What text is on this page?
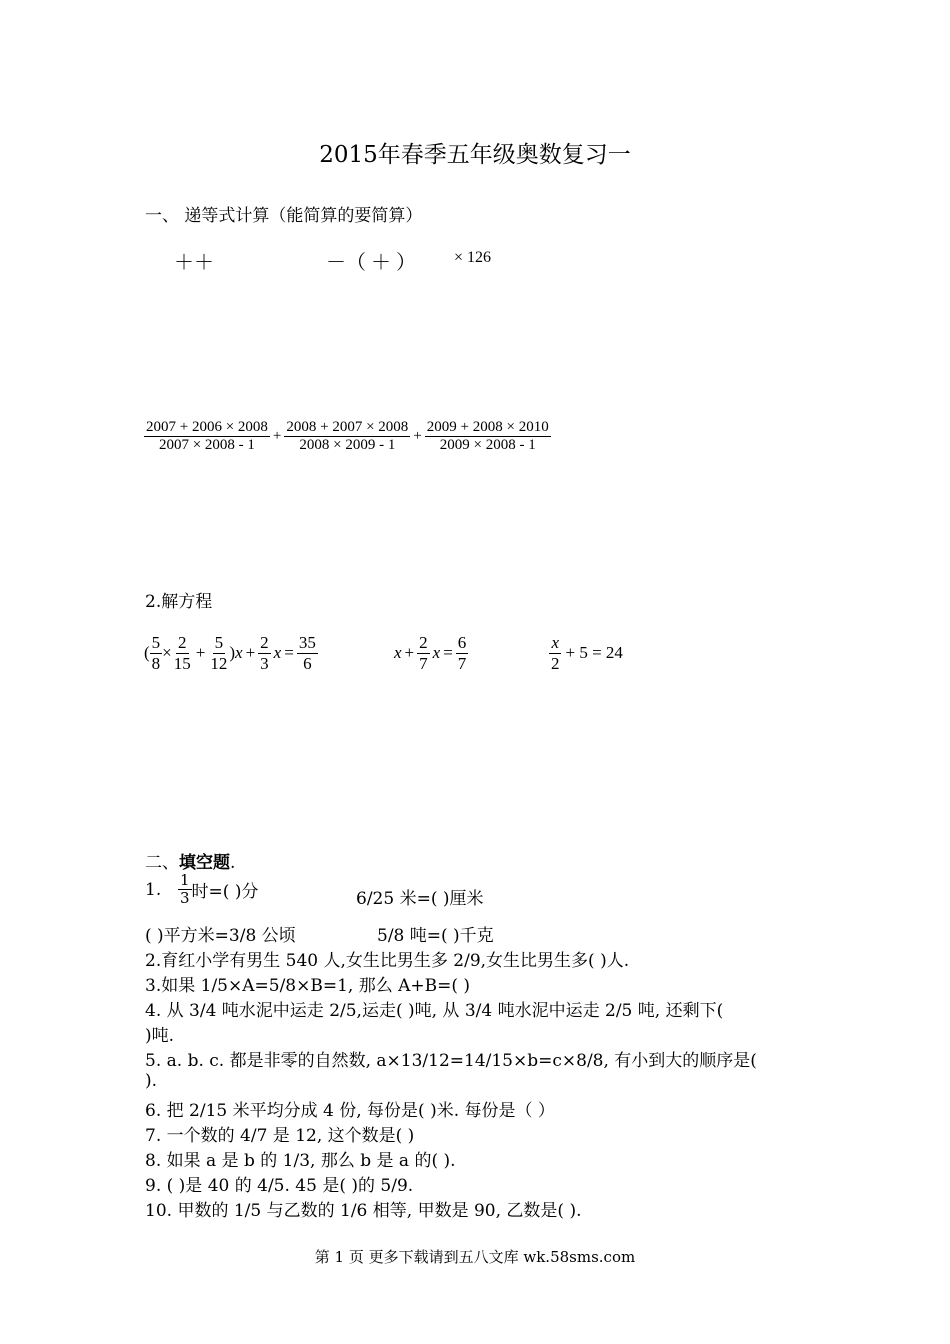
2015年春季五年级奥数复习一
一、 递等式计算（能简算的要简算）
＋＋	－（ ＋ ） × 126
$\frac{2007 + 2006 \times 2008}{2007 \times 2008 - 1} + \frac{2008 + 2007 \times 2008}{2008 \times 2009 - 1} + \frac{2009 + 2008 \times 2010}{2009 \times 2008 - 1}$
2.解方程
( $\frac{5}{8} \times \frac{2}{15} + \frac{5}{12}$ ) $x + \frac{2}{3}$ $x = \frac{35}{6}$	$x + \frac{2}{7}$ $x = \frac{6}{7}$	$\frac{x}{2} + 5 = 24$
二、填空题.
1.	$\frac{1}{3}$ 时=( )分	6/25 米=( )厘米
( )平方米=3/8 公顷	5/8 吨=( )千克
2.育红小学有男生 540 人,女生比男生多 2/9,女生比男生多( )人.
3.如果 1/5×A=5/8×B=1, 那么 A+B=( )
4. 从 3/4 吨水泥中运走 2/5,运走( )吨, 从 3/4 吨水泥中运走 2/5 吨, 还剩下(
)吨.
5. a. b. c. 都是非零的自然数, a×13/12=14/15×b=c×8/8, 有小到大的顺序是(
).
6. 把 2/15 米平均分成 4 份, 每份是( )米. 每份是（ ）
7. 一个数的 4/7 是 12, 这个数是( )
8. 如果 a 是 b 的 1/3, 那么 b 是 a 的( ).
9. ( )是 40 的 4/5. 45 是( )的 5/9.
10. 甲数的 1/5 与乙数的 1/6 相等, 甲数是 90, 乙数是( ).
第 1 页 更多下载请到五八文库 wk.58sms.com
